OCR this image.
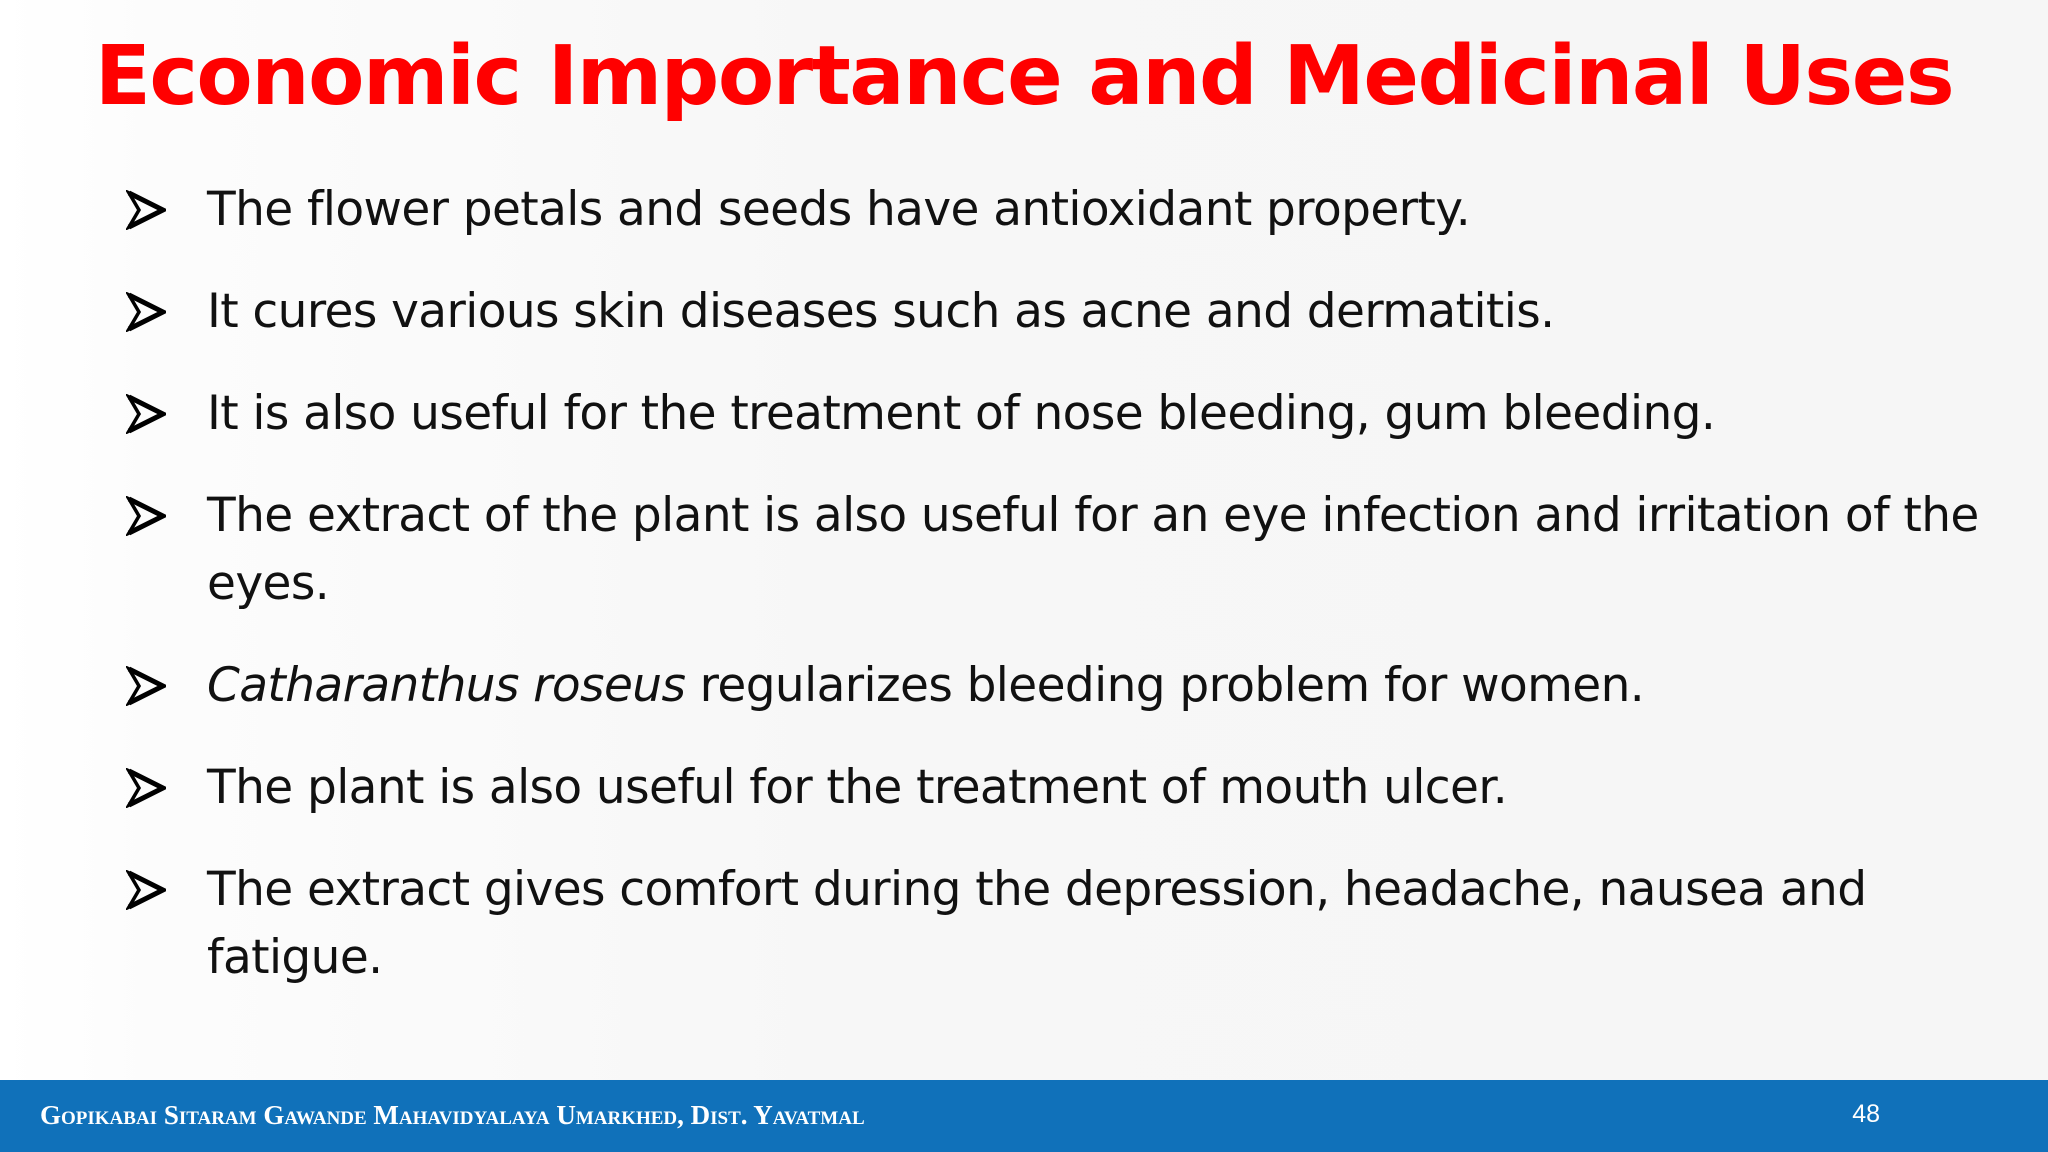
Economic Importance and Medicinal Uses
The flower petals and seeds have antioxidant property.
It cures various skin diseases such as acne and dermatitis.
It is also useful for the treatment of nose bleeding, gum bleeding.
The extract of the plant is also useful for an eye infection and irritation of the eyes.
Catharanthus roseus regularizes bleeding problem for women.
The plant is also useful for the treatment of mouth ulcer.
The extract gives comfort during the depression, headache, nausea and fatigue.
Gopikabai Sitaram Gawande Mahavidyalaya Umarkhed, Dist. Yavatmal	48
